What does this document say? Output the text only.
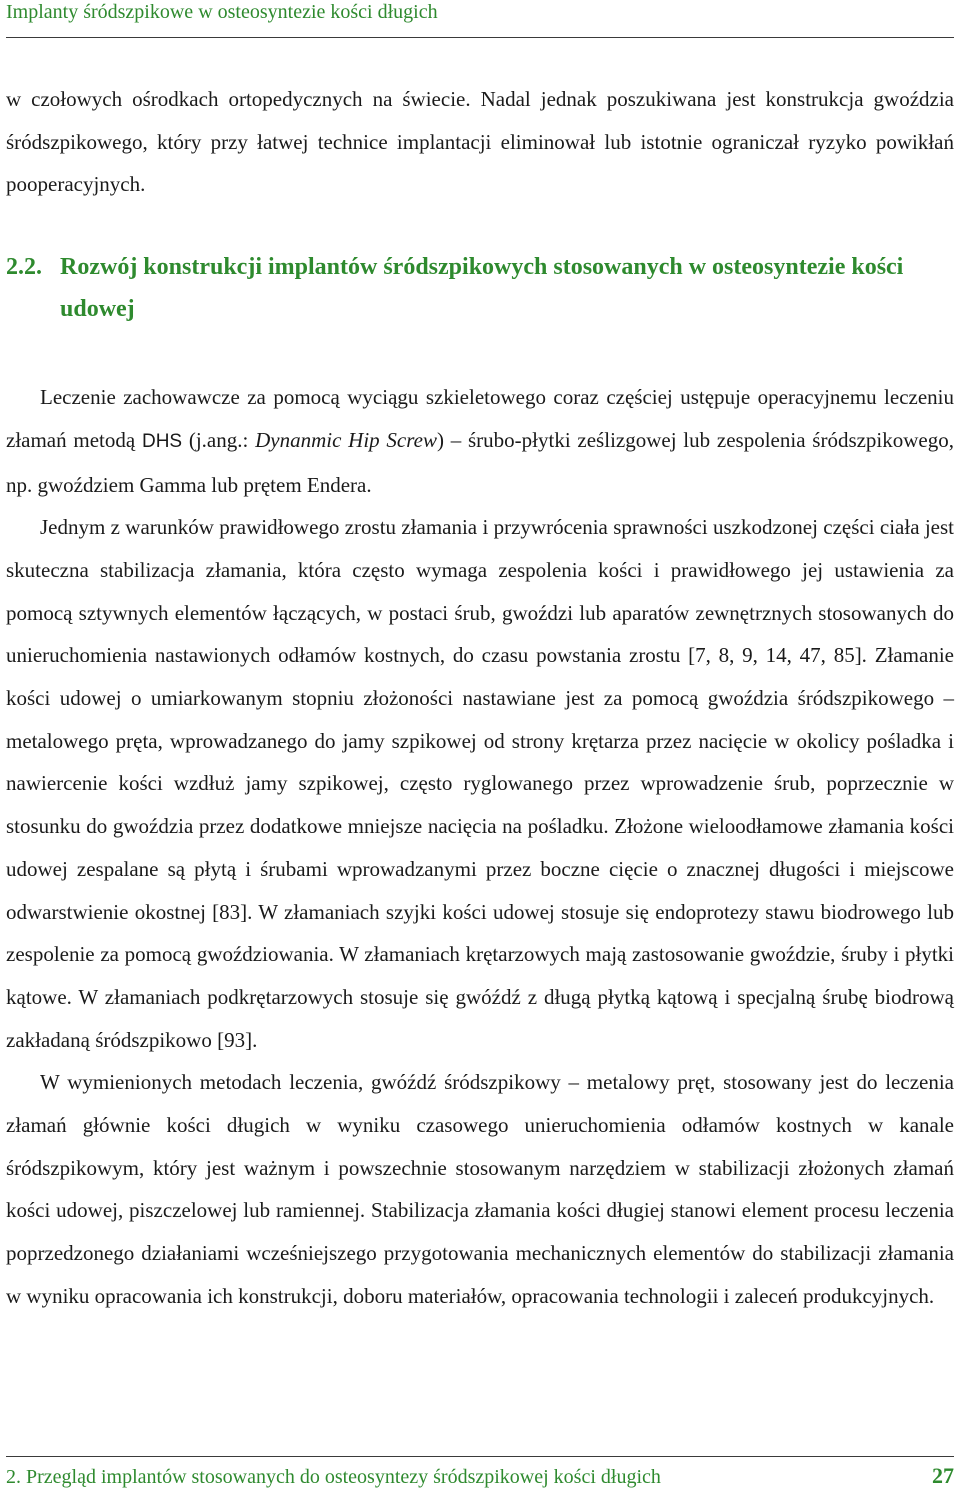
Implanty śródszpikowe w osteosyntezie kości długich

w czołowych ośrodkach ortopedycznych na świecie. Nadal jednak poszukiwana jest konstrukcja gwoździa śródszpikowego, który przy łatwej technice implantacji eliminował lub istotnie ograniczał ryzyko powikłań pooperacyjnych.

2.2. Rozwój konstrukcji implantów śródszpikowych stosowanych w osteosyntezie kości udowej

Leczenie zachowawcze za pomocą wyciągu szkieletowego coraz częściej ustępuje operacyjnemu leczeniu złamań metodą DHS (j.ang.: Dynanmic Hip Screw) – śrubo-płytki ześlizgowej lub zespolenia śródszpikowego, np. gwoździem Gamma lub prętem Endera.

Jednym z warunków prawidłowego zrostu złamania i przywrócenia sprawności uszkodzonej części ciała jest skuteczna stabilizacja złamania, która często wymaga zespolenia kości i prawidłowego jej ustawienia za pomocą sztywnych elementów łączących, w postaci śrub, gwoździ lub aparatów zewnętrznych stosowanych do unieruchomienia nastawionych odłamów kostnych, do czasu powstania zrostu [7, 8, 9, 14, 47, 85]. Złamanie kości udowej o umiarkowanym stopniu złożoności nastawiane jest za pomocą gwoździa śródszpikowego – metalowego pręta, wprowadzanego do jamy szpikowej od strony krętarza przez nacięcie w okolicy pośladka i nawiercenie kości wzdłuż jamy szpikowej, często ryglowanego przez wprowadzenie śrub, poprzecznie w stosunku do gwoździa przez dodatkowe mniejsze nacięcia na pośladku. Złożone wieloodłamowe złamania kości udowej zespalane są płytą i śrubami wprowadzanymi przez boczne cięcie o znacznej długości i miejscowe odwarstwienie okostnej [83]. W złamaniach szyjki kości udowej stosuje się endoprotezy stawu biodrowego lub zespolenie za pomocą gwoździowania. W złamaniach krętarzowych mają zastosowanie gwoździe, śruby i płytki kątowe. W złamaniach podkrętarzowych stosuje się gwóźdź z długą płytką kątową i specjalną śrubę biodrową zakładaną śródszpikowo [93].

W wymienionych metodach leczenia, gwóźdź śródszpikowy – metalowy pręt, stosowany jest do leczenia złamań głównie kości długich w wyniku czasowego unieruchomienia odłamów kostnych w kanale śródszpikowym, który jest ważnym i powszechnie stosowanym narzędziem w stabilizacji złożonych złamań kości udowej, piszczelowej lub ramiennej. Stabilizacja złamania kości długiej stanowi element procesu leczenia poprzedzonego działaniami wcześniejszego przygotowania mechanicznych elementów do stabilizacji złamania w wyniku opracowania ich konstrukcji, doboru materiałów, opracowania technologii i zaleceń produkcyjnych.

2. Przegląd implantów stosowanych do osteosyntezy śródszpikowej kości długich	27
